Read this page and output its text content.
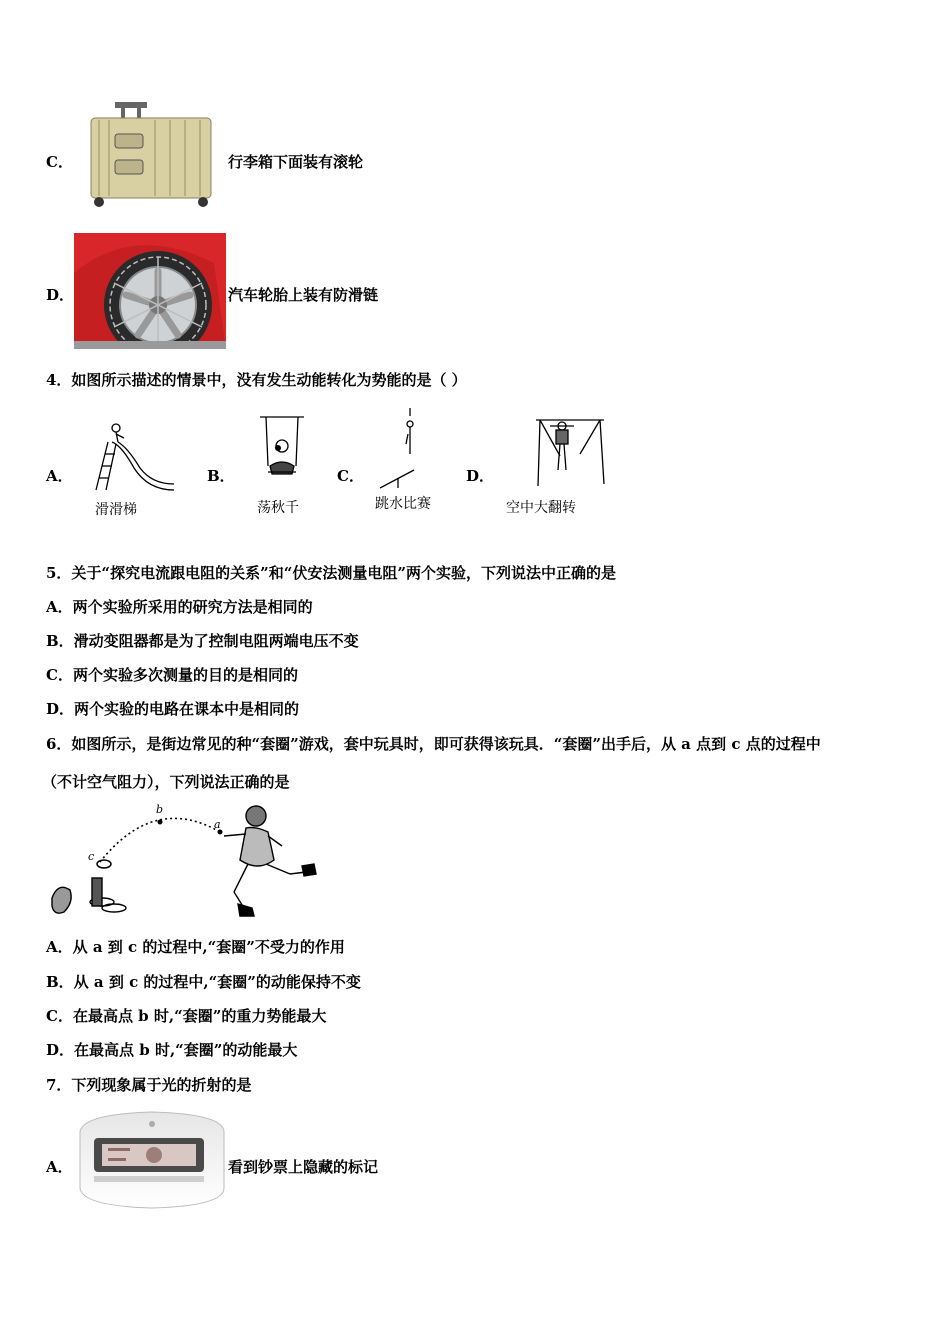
C．	行李箱下面装有滚轮
D．	汽车轮胎上装有防滑链
4．如图所示描述的情景中，没有发生动能转化为势能的是（ ）
A．
滑滑梯
B．
荡秋千
C．
跳水比赛
D．
空中大翻转
5．关于“探究电流跟电阻的关系”和“伏安法测量电阻”两个实验，下列说法中正确的是
A．两个实验所采用的研究方法是相同的
B．滑动变阻器都是为了控制电阻两端电压不变
C．两个实验多次测量的目的是相同的
D．两个实验的电路在课本中是相同的
6．如图所示，是街边常见的种“套圈”游戏，套中玩具时，即可获得该玩具．“套圈”出手后，从 a 点到 c 点的过程中
（不计空气阻力），下列说法正确的是
b
a
c
A．从 a 到 c 的过程中,“套圈”不受力的作用
B．从 a 到 c 的过程中,“套圈”的动能保持不变
C．在最高点 b 时,“套圈”的重力势能最大
D．在最高点 b 时,“套圈”的动能最大
7．下列现象属于光的折射的是
A．	看到钞票上隐藏的标记
